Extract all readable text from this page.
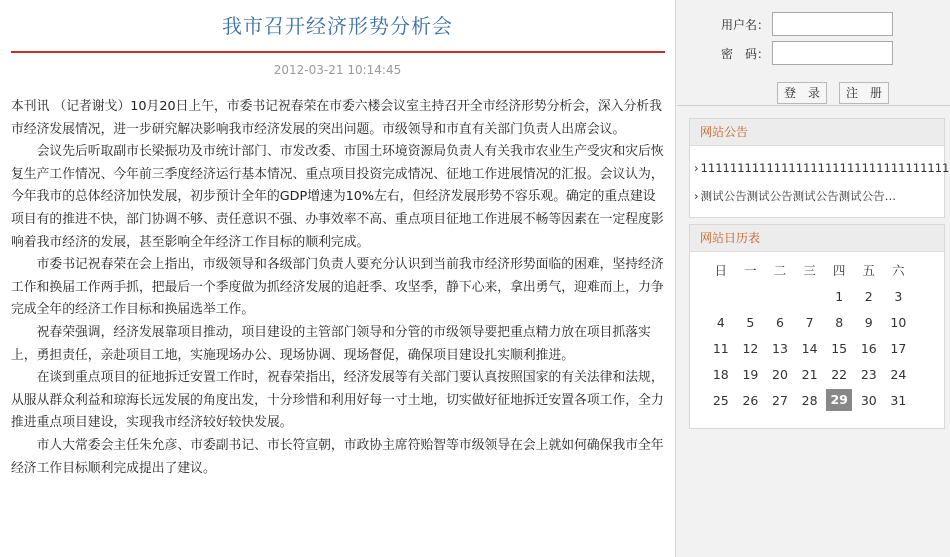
我市召开经济形势分析会
2012-03-21 10:14:45

本刊讯 （记者谢戈）10月20日上午，市委书记祝春荣在市委六楼会议室主持召开全市经济形势分析会，深入分析我市经济发展情况，进一步研究解决影响我市经济发展的突出问题。市级领导和市直有关部门负责人出席会议。

会议先后听取副市长梁振功及市统计部门、市发改委、市国土环境资源局负责人有关我市农业生产受灾和灾后恢复生产工作情况、今年前三季度经济运行基本情况、重点项目投资完成情况、征地工作进展情况的汇报。会议认为，今年我市的总体经济加快发展，初步预计全年的GDP增速为10%左右，但经济发展形势不容乐观。确定的重点建设项目有的推进不快，部门协调不够、责任意识不强、办事效率不高、重点项目征地工作进展不畅等因素在一定程度影响着我市经济的发展，甚至影响全年经济工作目标的顺利完成。

市委书记祝春荣在会上指出，市级领导和各级部门负责人要充分认识到当前我市经济形势面临的困难，坚持经济工作和换届工作两手抓，把最后一个季度做为抓经济发展的追赶季、攻坚季，静下心来，拿出勇气，迎难而上，力争完成全年的经济工作目标和换届选举工作。

祝春荣强调，经济发展靠项目推动，项目建设的主管部门领导和分管的市级领导要把重点精力放在项目抓落实上，勇担责任，亲赴项目工地，实施现场办公、现场协调、现场督促，确保项目建设扎实顺利推进。

在谈到重点项目的征地拆迁安置工作时，祝春荣指出，经济发展等有关部门要认真按照国家的有关法律和法规，从服从群众利益和琼海长远发展的角度出发，十分珍惜和利用好每一寸土地，切实做好征地拆迁安置各项工作，全力推进重点项目建设，实现我市经济较好较快发展。

市人大常委会主任朱允彦、市委副书记、市长符宣朝，市政协主席符贻智等市级领导在会上就如何确保我市全年经济工作目标顺利完成提出了建议。

用户名：
密　码：
登　录	注　册
网站公告
› 1111111111111111111111111111111111
› 测试公告测试公告测试公告测试公告…
网站日历表
日	一	二	三	四	五	六
				1	2	3
4	5	6	7	8	9	10
11	12	13	14	15	16	17
18	19	20	21	22	23	24
25	26	27	28	29	30	31
